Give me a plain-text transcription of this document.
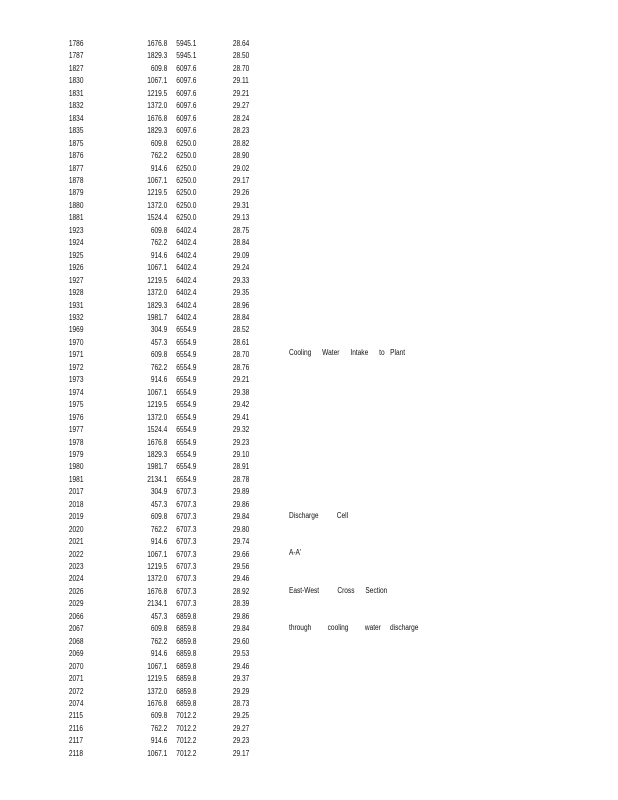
1786	1676.8 5945.1	28.64
1787	1829.3 5945.1	28.50
1827	609.8 6097.6	28.70
1830	1067.1 6097.6	29.11
1831	1219.5 6097.6	29.21
1832	1372.0 6097.6	29.27
1834	1676.8 6097.6	28.24
1835	1829.3 6097.6	28.23
1875	609.8 6250.0	28.82
1876	762.2 6250.0	28.90
1877	914.6 6250.0	29.02
1878	1067.1 6250.0	29.17
1879	1219.5 6250.0	29.26
1880	1372.0 6250.0	29.31
1881	1524.4 6250.0	29.13
1923	609.8 6402.4	28.75
1924	762.2 6402.4	28.84
1925	914.6 6402.4	29.09
1926	1067.1 6402.4	29.24
1927	1219.5 6402.4	29.33
1928	1372.0 6402.4	29.35
1931	1829.3 6402.4	28.96
1932	1981.7 6402.4	28.84
1969	304.9 6554.9	28.52
1970	457.3 6554.9	28.61
1971	609.8 6554.9	28.70
1972	762.2 6554.9	28.76
1973	914.6 6554.9	29.21
1974	1067.1 6554.9	29.38
1975	1219.5 6554.9	29.42
1976	1372.0 6554.9	29.41
1977	1524.4 6554.9	29.32
1978	1676.8 6554.9	29.23
1979	1829.3 6554.9	29.10
1980	1981.7 6554.9	28.91
1981	2134.1 6554.9	28.78
2017	304.9 6707.3	29.89
2018	457.3 6707.3	29.86
2019	609.8 6707.3	29.84
2020	762.2 6707.3	29.80
2021	914.6 6707.3	29.74
2022	1067.1 6707.3	29.66
2023	1219.5 6707.3	29.56
2024	1372.0 6707.3	29.46
2026	1676.8 6707.3	28.92
2029	2134.1 6707.3	28.39
2066	457.3 6859.8	29.86
2067	609.8 6859.8	29.84
2068	762.2 6859.8	29.60
2069	914.6 6859.8	29.53
2070	1067.1 6859.8	29.46
2071	1219.5 6859.8	29.37
2072	1372.0 6859.8	29.29
2074	1676.8 6859.8	28.73
2115	609.8 7012.2	29.25
2116	762.2 7012.2	29.27
2117	914.6 7012.2	29.23
2118	1067.1 7012.2	29.17

Cooling      Water      Intake      to   Plant

Discharge          Cell

A-A'

East-West          Cross      Section

through         cooling         water     discharge
